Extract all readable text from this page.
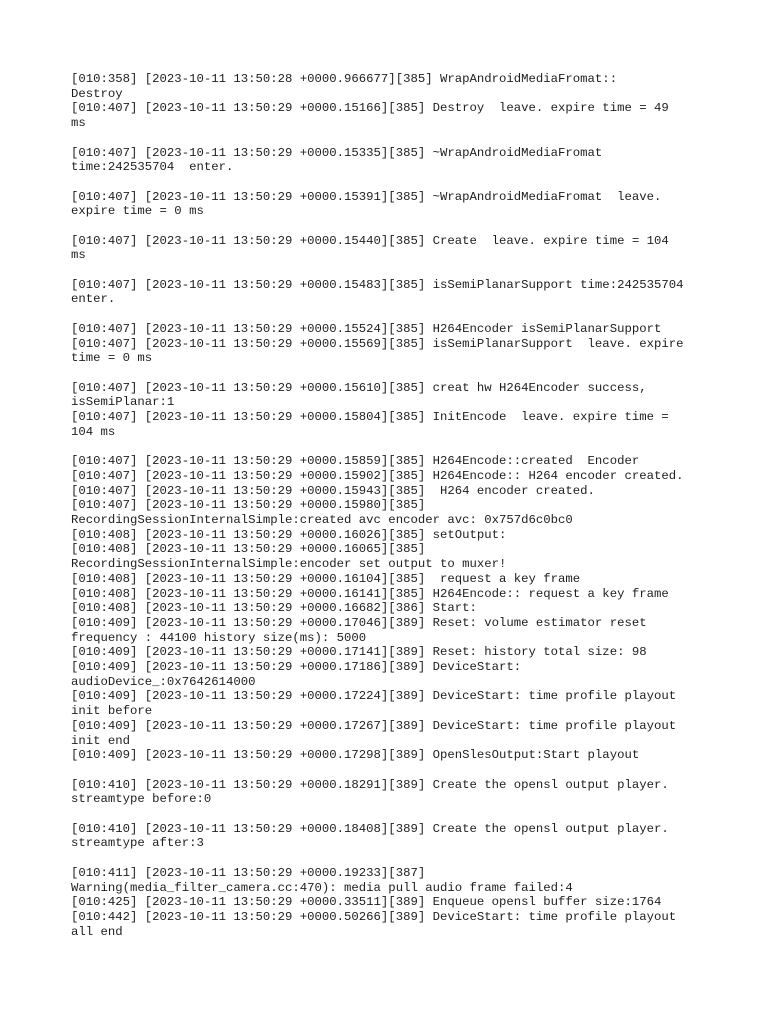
[010:358] [2023-10-11 13:50:28 +0000.966677][385] WrapAndroidMediaFromat::
Destroy

[010:407] [2023-10-11 13:50:29 +0000.15166][385] Destroy  leave. expire time = 49
ms

[010:407] [2023-10-11 13:50:29 +0000.15335][385] ~WrapAndroidMediaFromat
time:242535704  enter.

[010:407] [2023-10-11 13:50:29 +0000.15391][385] ~WrapAndroidMediaFromat  leave.
expire time = 0 ms

[010:407] [2023-10-11 13:50:29 +0000.15440][385] Create  leave. expire time = 104
ms

[010:407] [2023-10-11 13:50:29 +0000.15483][385] isSemiPlanarSupport time:242535704
enter.

[010:407] [2023-10-11 13:50:29 +0000.15524][385] H264Encoder isSemiPlanarSupport

[010:407] [2023-10-11 13:50:29 +0000.15569][385] isSemiPlanarSupport  leave. expire
time = 0 ms

[010:407] [2023-10-11 13:50:29 +0000.15610][385] creat hw H264Encoder success,
isSemiPlanar:1

[010:407] [2023-10-11 13:50:29 +0000.15804][385] InitEncode  leave. expire time =
104 ms

[010:407] [2023-10-11 13:50:29 +0000.15859][385] H264Encode::created  Encoder

[010:407] [2023-10-11 13:50:29 +0000.15902][385] H264Encode:: H264 encoder created.

[010:407] [2023-10-11 13:50:29 +0000.15943][385]  H264 encoder created.

[010:407] [2023-10-11 13:50:29 +0000.15980][385]
RecordingSessionInternalSimple:created avc encoder avc: 0x757d6c0bc0

[010:408] [2023-10-11 13:50:29 +0000.16026][385] setOutput:

[010:408] [2023-10-11 13:50:29 +0000.16065][385]
RecordingSessionInternalSimple:encoder set output to muxer!

[010:408] [2023-10-11 13:50:29 +0000.16104][385]  request a key frame

[010:408] [2023-10-11 13:50:29 +0000.16141][385] H264Encode:: request a key frame

[010:408] [2023-10-11 13:50:29 +0000.16682][386] Start:

[010:409] [2023-10-11 13:50:29 +0000.17046][389] Reset: volume estimator reset
frequency : 44100 history size(ms): 5000

[010:409] [2023-10-11 13:50:29 +0000.17141][389] Reset: history total size: 98

[010:409] [2023-10-11 13:50:29 +0000.17186][389] DeviceStart:
audioDevice_:0x7642614000

[010:409] [2023-10-11 13:50:29 +0000.17224][389] DeviceStart: time profile playout
init before

[010:409] [2023-10-11 13:50:29 +0000.17267][389] DeviceStart: time profile playout
init end

[010:409] [2023-10-11 13:50:29 +0000.17298][389] OpenSlesOutput:Start playout

[010:410] [2023-10-11 13:50:29 +0000.18291][389] Create the opensl output player.
streamtype before:0

[010:410] [2023-10-11 13:50:29 +0000.18408][389] Create the opensl output player.
streamtype after:3

[010:411] [2023-10-11 13:50:29 +0000.19233][387]
Warning(media_filter_camera.cc:470): media pull audio frame failed:4

[010:425] [2023-10-11 13:50:29 +0000.33511][389] Enqueue opensl buffer size:1764

[010:442] [2023-10-11 13:50:29 +0000.50266][389] DeviceStart: time profile playout
all end
